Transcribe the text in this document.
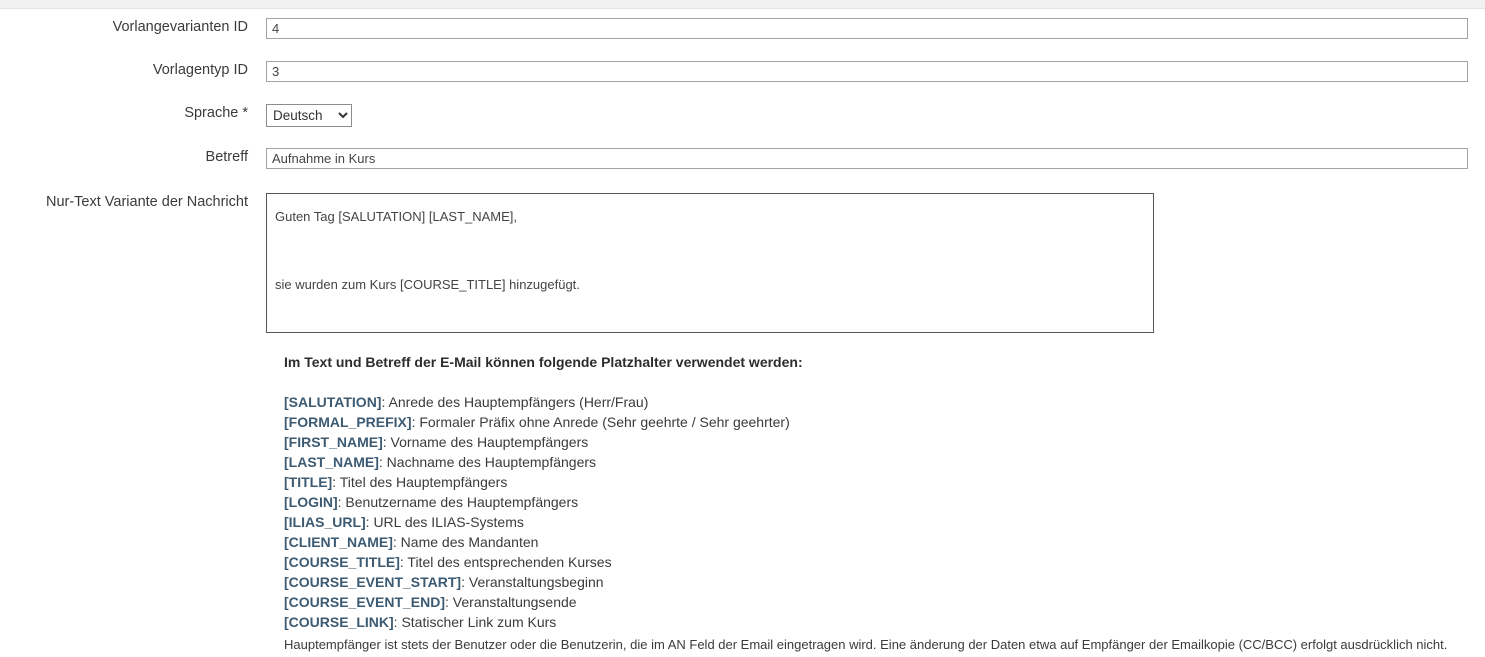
Vorlangevarianten ID
4
Vorlagentyp ID
3
Sprache *
Deutsch
Betreff
Aufnahme in Kurs
Nur-Text Variante der Nachricht
Guten Tag [SALUTATION] [LAST_NAME], sie wurden zum Kurs [COURSE_TITLE] hinzugefügt. (...)
Im Text und Betreff der E-Mail können folgende Platzhalter verwendet werden:
[SALUTATION]: Anrede des Hauptempfängers (Herr/Frau)
[FORMAL_PREFIX]: Formaler Präfix ohne Anrede (Sehr geehrte / Sehr geehrter)
[FIRST_NAME]: Vorname des Hauptempfängers
[LAST_NAME]: Nachname des Hauptempfängers
[TITLE]: Titel des Hauptempfängers
[LOGIN]: Benutzername des Hauptempfängers
[ILIAS_URL]: URL des ILIAS-Systems
[CLIENT_NAME]: Name des Mandanten
[COURSE_TITLE]: Titel des entsprechenden Kurses
[COURSE_EVENT_START]: Veranstaltungsbeginn
[COURSE_EVENT_END]: Veranstaltungsende
[COURSE_LINK]: Statischer Link zum Kurs
Hauptempfänger ist stets der Benutzer oder die Benutzerin, die im AN Feld der Email eingetragen wird. Eine änderung der Daten etwa auf Empfänger der Emailkopie (CC/BCC) erfolgt ausdrücklich nicht.
